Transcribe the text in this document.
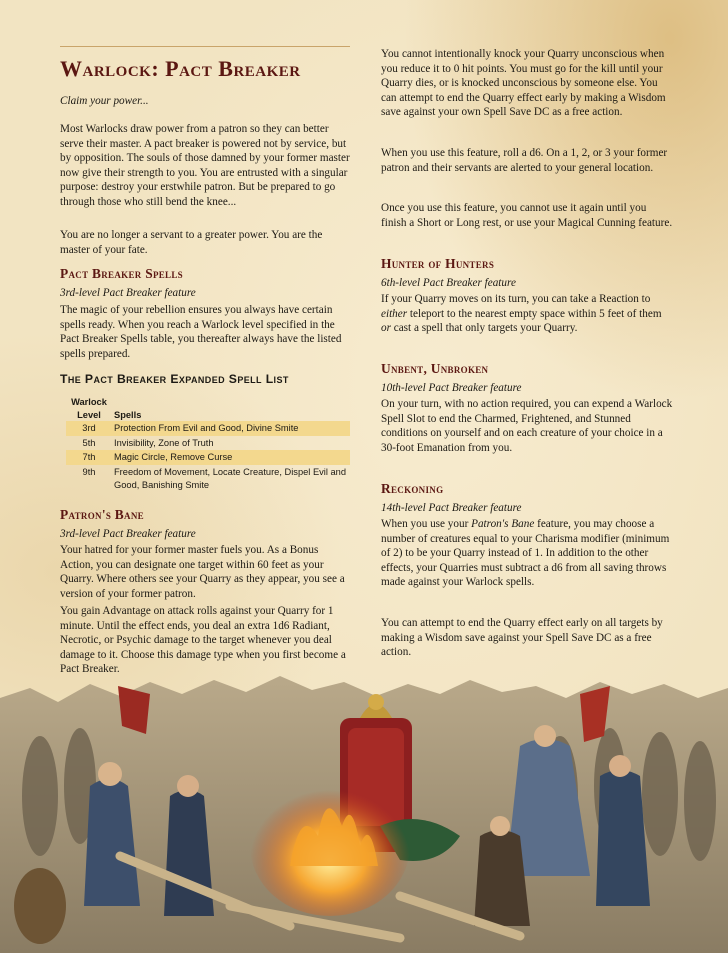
Warlock: Pact Breaker

Claim your power...

Most Warlocks draw power from a patron so they can better serve their master. A pact breaker is powered not by service, but by opposition. The souls of those damned by your former master now give their strength to you. You are entrusted with a singular purpose: destroy your erstwhile patron. But be prepared to go through those who still bend the knee...

You are no longer a servant to a greater power. You are the master of your fate.

Pact Breaker Spells

3rd-level Pact Breaker feature

The magic of your rebellion ensures you always have certain spells ready. When you reach a Warlock level specified in the Pact Breaker Spells table, you thereafter always have the listed spells prepared.

The Pact Breaker Expanded Spell List
Warlock
Level	Spells
3rd	Protection From Evil and Good, Divine Smite
5th	Invisibility, Zone of Truth
7th	Magic Circle, Remove Curse
9th	Freedom of Movement, Locate Creature, Dispel Evil and Good, Banishing Smite
Patron's Bane

3rd-level Pact Breaker feature

Your hatred for your former master fuels you. As a Bonus Action, you can designate one target within 60 feet as your Quarry. Where others see your Quarry as they appear, you see a version of your former patron.

You gain Advantage on attack rolls against your Quarry for 1 minute. Until the effect ends, you deal an extra 1d6 Radiant, Necrotic, or Psychic damage to the target whenever you deal damage to it. Choose this damage type when you first become a Pact Breaker.

You cannot intentionally knock your Quarry unconscious when you reduce it to 0 hit points. You must go for the kill until your Quarry dies, or is knocked unconscious by someone else. You can attempt to end the Quarry effect early by making a Wisdom save against your own Spell Save DC as a free action.

When you use this feature, roll a d6. On a 1, 2, or 3 your former patron and their servants are alerted to your general location.

Once you use this feature, you cannot use it again until you finish a Short or Long rest, or use your Magical Cunning feature.

Hunter of Hunters

6th-level Pact Breaker feature

If your Quarry moves on its turn, you can take a Reaction to either teleport to the nearest empty space within 5 feet of them or cast a spell that only targets your Quarry.

Unbent, Unbroken

10th-level Pact Breaker feature

On your turn, with no action required, you can expend a Warlock Spell Slot to end the Charmed, Frightened, and Stunned conditions on yourself and on each creature of your choice in a 30-foot Emanation from you.

Reckoning

14th-level Pact Breaker feature

When you use your Patron's Bane feature, you may choose a number of creatures equal to your Charisma modifier (minimum of 2) to be your Quarry instead of 1. In addition to the other effects, your Quarries must subtract a d6 from all saving throws made against your Warlock spells.

You can attempt to end the Quarry effect early on all targets by making a Wisdom save against your Spell Save DC as a free action.
